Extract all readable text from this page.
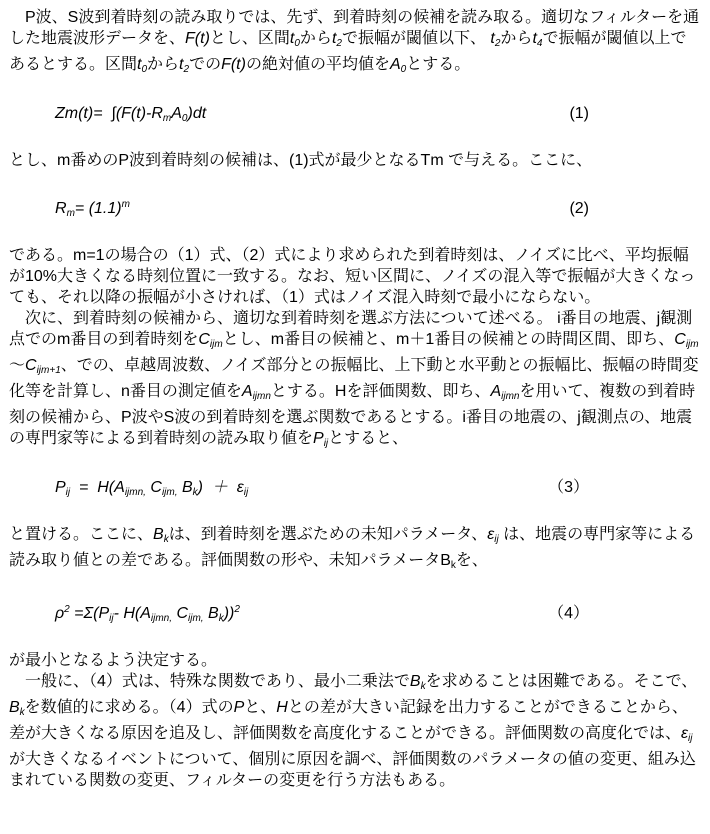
　P波、S波到着時刻の読み取りでは、先ず、到着時刻の候補を読み取る。適切なフィルターを通した地震波形データを、F(t)とし、区間t0からt2で振幅が閾値以下、 t2からt4で振幅が閾値以上であるとする。区間t0からt2でのF(t)の絶対値の平均値をA0とする。
Zm(t)=  ∫(F(t)-RmA0)dt	(1)
とし、m番めのP波到着時刻の候補は、(1)式が最少となるTm で与える。ここに、
$Rm= (1.1)^m$	(2)
である。m=1の場合の（1）式、（2）式により求められた到着時刻は、ノイズに比べ、平均振幅が10%大きくなる時刻位置に一致する。なお、短い区間に、ノイズの混入等で振幅が大きくなっても、それ以降の振幅が小さければ、（1）式はノイズ混入時刻で最小にならない。
　次に、到着時刻の候補から、適切な到着時刻を選ぶ方法について述べる。 i番目の地震、j観測点でのm番目の到着時刻をCijmとし、m番目の候補と、m＋1番目の候補との時間区間、即ち、Cijm ～Cijm+1、での、卓越周波数、ノイズ部分との振幅比、上下動と水平動との振幅比、振幅の時間変化等を計算し、n番目の測定値をAijmnとする。Hを評価関数、即ち、Aijmnを用いて、複数の到着時刻の候補から、P波やS波の到着時刻を選ぶ関数であるとする。i番目の地震の、j観測点の、地震の専門家等による到着時刻の読み取り値をPijとすると、
Pij  =  H(Aijmn, Cijm, Bk)  ＋  εij	（3）
と置ける。ここに、Bkは、到着時刻を選ぶための未知パラメータ、εij は、地震の専門家等による読み取り値との差である。評価関数の形や、未知パラメータBkを、
$\rho^2 =\Sigma(Pij-$ H(Aijmn, Cijm, Bk))$^2$	（4）
が最小となるよう決定する。
　一般に、（4）式は、特殊な関数であり、最小二乗法でBkを求めることは困難である。そこで、Bkを数値的に求める。（4）式のPと、Hとの差が大きい記録を出力することができることから、差が大きくなる原因を追及し、評価関数を高度化することができる。評価関数の高度化では、εij が大きくなるイベントについて、個別に原因を調べ、評価関数のパラメータの値の変更、組み込まれている関数の変更、フィルターの変更を行う方法もある。
